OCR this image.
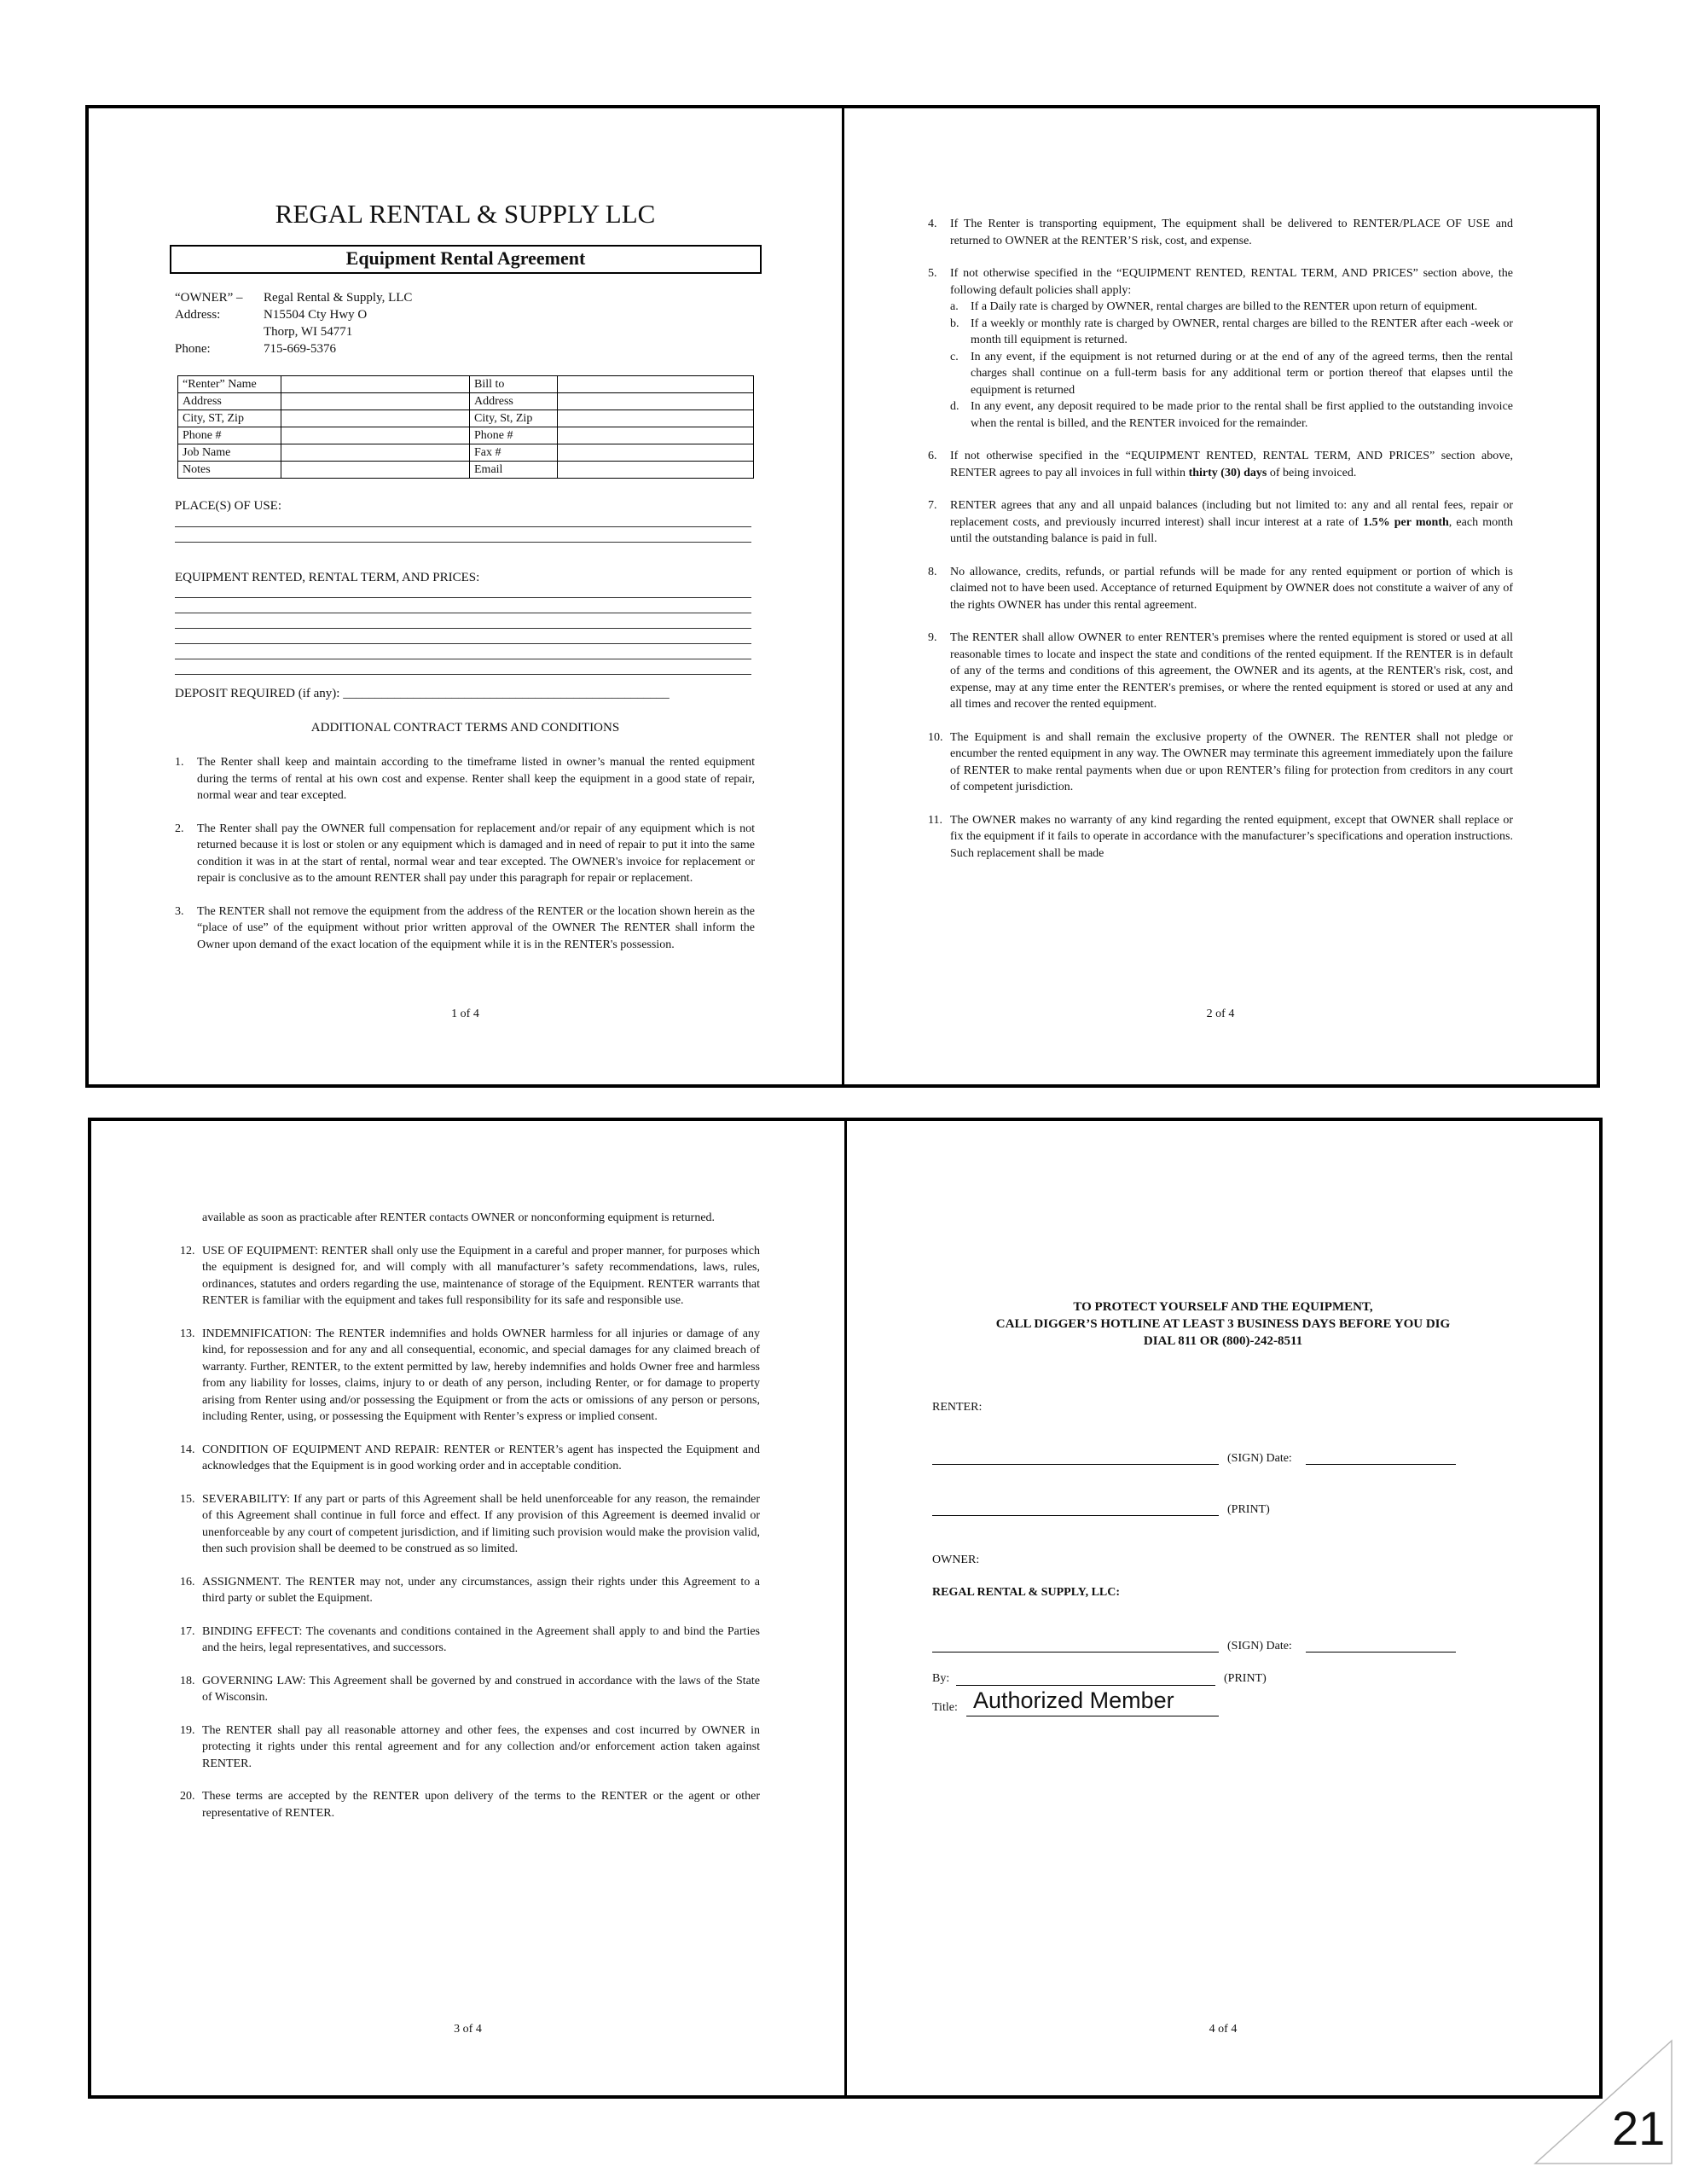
REGAL RENTAL & SUPPLY LLC
Equipment Rental Agreement
“OWNER” –	Regal Rental & Supply, LLC
Address:	N15504 Cty Hwy O
Thorp, WI 54771
Phone:	715-669-5376
“Renter” Name		Bill to	
Address		Address	
City, ST, Zip		City, St, Zip	
Phone #		Phone #	
Job Name		Fax #	
Notes		Email	
PLACE(S) OF USE:
EQUIPMENT RENTED, RENTAL TERM, AND PRICES:
DEPOSIT REQUIRED (if any): ___________________________________________________
ADDITIONAL CONTRACT TERMS AND CONDITIONS
1.	The Renter shall keep and maintain according to the timeframe listed in owner’s manual the rented equipment during the terms of rental at his own cost and expense. Renter shall keep the equipment in a good state of repair, normal wear and tear excepted.
2.	The Renter shall pay the OWNER full compensation for replacement and/or repair of any equipment which is not returned because it is lost or stolen or any equipment which is damaged and in need of repair to put it into the same condition it was in at the start of rental, normal wear and tear excepted. The OWNER's invoice for replacement or repair is conclusive as to the amount RENTER shall pay under this paragraph for repair or replacement.
3.	The RENTER shall not remove the equipment from the address of the RENTER or the location shown herein as the “place of use” of the equipment without prior written approval of the OWNER The RENTER shall inform the Owner upon demand of the exact location of the equipment while it is in the RENTER's possession.
1 of 4
4.	If The Renter is transporting equipment, The equipment shall be delivered to RENTER/PLACE OF USE and returned to OWNER at the RENTER’S risk, cost, and expense.
5.	If not otherwise specified in the “EQUIPMENT RENTED, RENTAL TERM, AND PRICES” section above, the following default policies shall apply:
a.	If a Daily rate is charged by OWNER, rental charges are billed to the RENTER upon return of equipment.
b. If a weekly or monthly rate is charged by OWNER, rental charges are billed to the RENTER after each -week or month till equipment is returned.
c.	In any event, if the equipment is not returned during or at the end of any of the agreed terms, then the rental charges shall continue on a full-term basis for any additional term or portion thereof that elapses until the equipment is returned
d. In any event, any deposit required to be made prior to the rental shall be first applied to the outstanding invoice when the rental is billed, and the RENTER invoiced for the remainder.
6.	If not otherwise specified in the “EQUIPMENT RENTED, RENTAL TERM, AND PRICES” section above, RENTER agrees to pay all invoices in full within thirty (30) days of being invoiced.
7.	RENTER agrees that any and all unpaid balances (including but not limited to: any and all rental fees, repair or replacement costs, and previously incurred interest) shall incur interest at a rate of 1.5% per month, each month until the outstanding balance is paid in full.
8.	No allowance, credits, refunds, or partial refunds will be made for any rented equipment or portion of which is claimed not to have been used. Acceptance of returned Equipment by OWNER does not constitute a waiver of any of the rights OWNER has under this rental agreement.
9.	The RENTER shall allow OWNER to enter RENTER's premises where the rented equipment is stored or used at all reasonable times to locate and inspect the state and conditions of the rented equipment. If the RENTER is in default of any of the terms and conditions of this agreement, the OWNER and its agents, at the RENTER's risk, cost, and expense, may at any time enter the RENTER's premises, or where the rented equipment is stored or used at any and all times and recover the rented equipment.
10. The Equipment is and shall remain the exclusive property of the OWNER. The RENTER shall not pledge or encumber the rented equipment in any way. The OWNER may terminate this agreement immediately upon the failure of RENTER to make rental payments when due or upon RENTER’s filing for protection from creditors in any court of competent jurisdiction.
11. The OWNER makes no warranty of any kind regarding the rented equipment, except that OWNER shall replace or fix the equipment if it fails to operate in accordance with the manufacturer’s specifications and operation instructions. Such replacement shall be made
2 of 4
available as soon as practicable after RENTER contacts OWNER or nonconforming equipment is returned.
12. USE OF EQUIPMENT: RENTER shall only use the Equipment in a careful and proper manner, for purposes which the equipment is designed for, and will comply with all manufacturer’s safety recommendations, laws, rules, ordinances, statutes and orders regarding the use, maintenance of storage of the Equipment. RENTER warrants that RENTER is familiar with the equipment and takes full responsibility for its safe and responsible use.
13. INDEMNIFICATION: The RENTER indemnifies and holds OWNER harmless for all injuries or damage of any kind, for repossession and for any and all consequential, economic, and special damages for any claimed breach of warranty. Further, RENTER, to the extent permitted by law, hereby indemnifies and holds Owner free and harmless from any liability for losses, claims, injury to or death of any person, including Renter, or for damage to property arising from Renter using and/or possessing the Equipment or from the acts or omissions of any person or persons, including Renter, using, or possessing the Equipment with Renter’s express or implied consent.
14. CONDITION OF EQUIPMENT AND REPAIR: RENTER or RENTER’s agent has inspected the Equipment and acknowledges that the Equipment is in good working order and in acceptable condition.
15. SEVERABILITY: If any part or parts of this Agreement shall be held unenforceable for any reason, the remainder of this Agreement shall continue in full force and effect. If any provision of this Agreement is deemed invalid or unenforceable by any court of competent jurisdiction, and if limiting such provision would make the provision valid, then such provision shall be deemed to be construed as so limited.
16. ASSIGNMENT. The RENTER may not, under any circumstances, assign their rights under this Agreement to a third party or sublet the Equipment.
17. BINDING EFFECT: The covenants and conditions contained in the Agreement shall apply to and bind the Parties and the heirs, legal representatives, and successors.
18. GOVERNING LAW: This Agreement shall be governed by and construed in accordance with the laws of the State of Wisconsin.
19. The RENTER shall pay all reasonable attorney and other fees, the expenses and cost incurred by OWNER in protecting it rights under this rental agreement and for any collection and/or enforcement action taken against RENTER.
20. These terms are accepted by the RENTER upon delivery of the terms to the RENTER or the agent or other representative of RENTER.
3 of 4
TO PROTECT YOURSELF AND THE EQUIPMENT,
CALL DIGGER’S HOTLINE AT LEAST 3 BUSINESS DAYS BEFORE YOU DIG
DIAL 811 OR (800)-242-8511
RENTER:
(SIGN) Date:
(PRINT)
OWNER:
REGAL RENTAL & SUPPLY, LLC:
(SIGN) Date:
By:	(PRINT)
Title: Authorized Member
4 of 4
21
